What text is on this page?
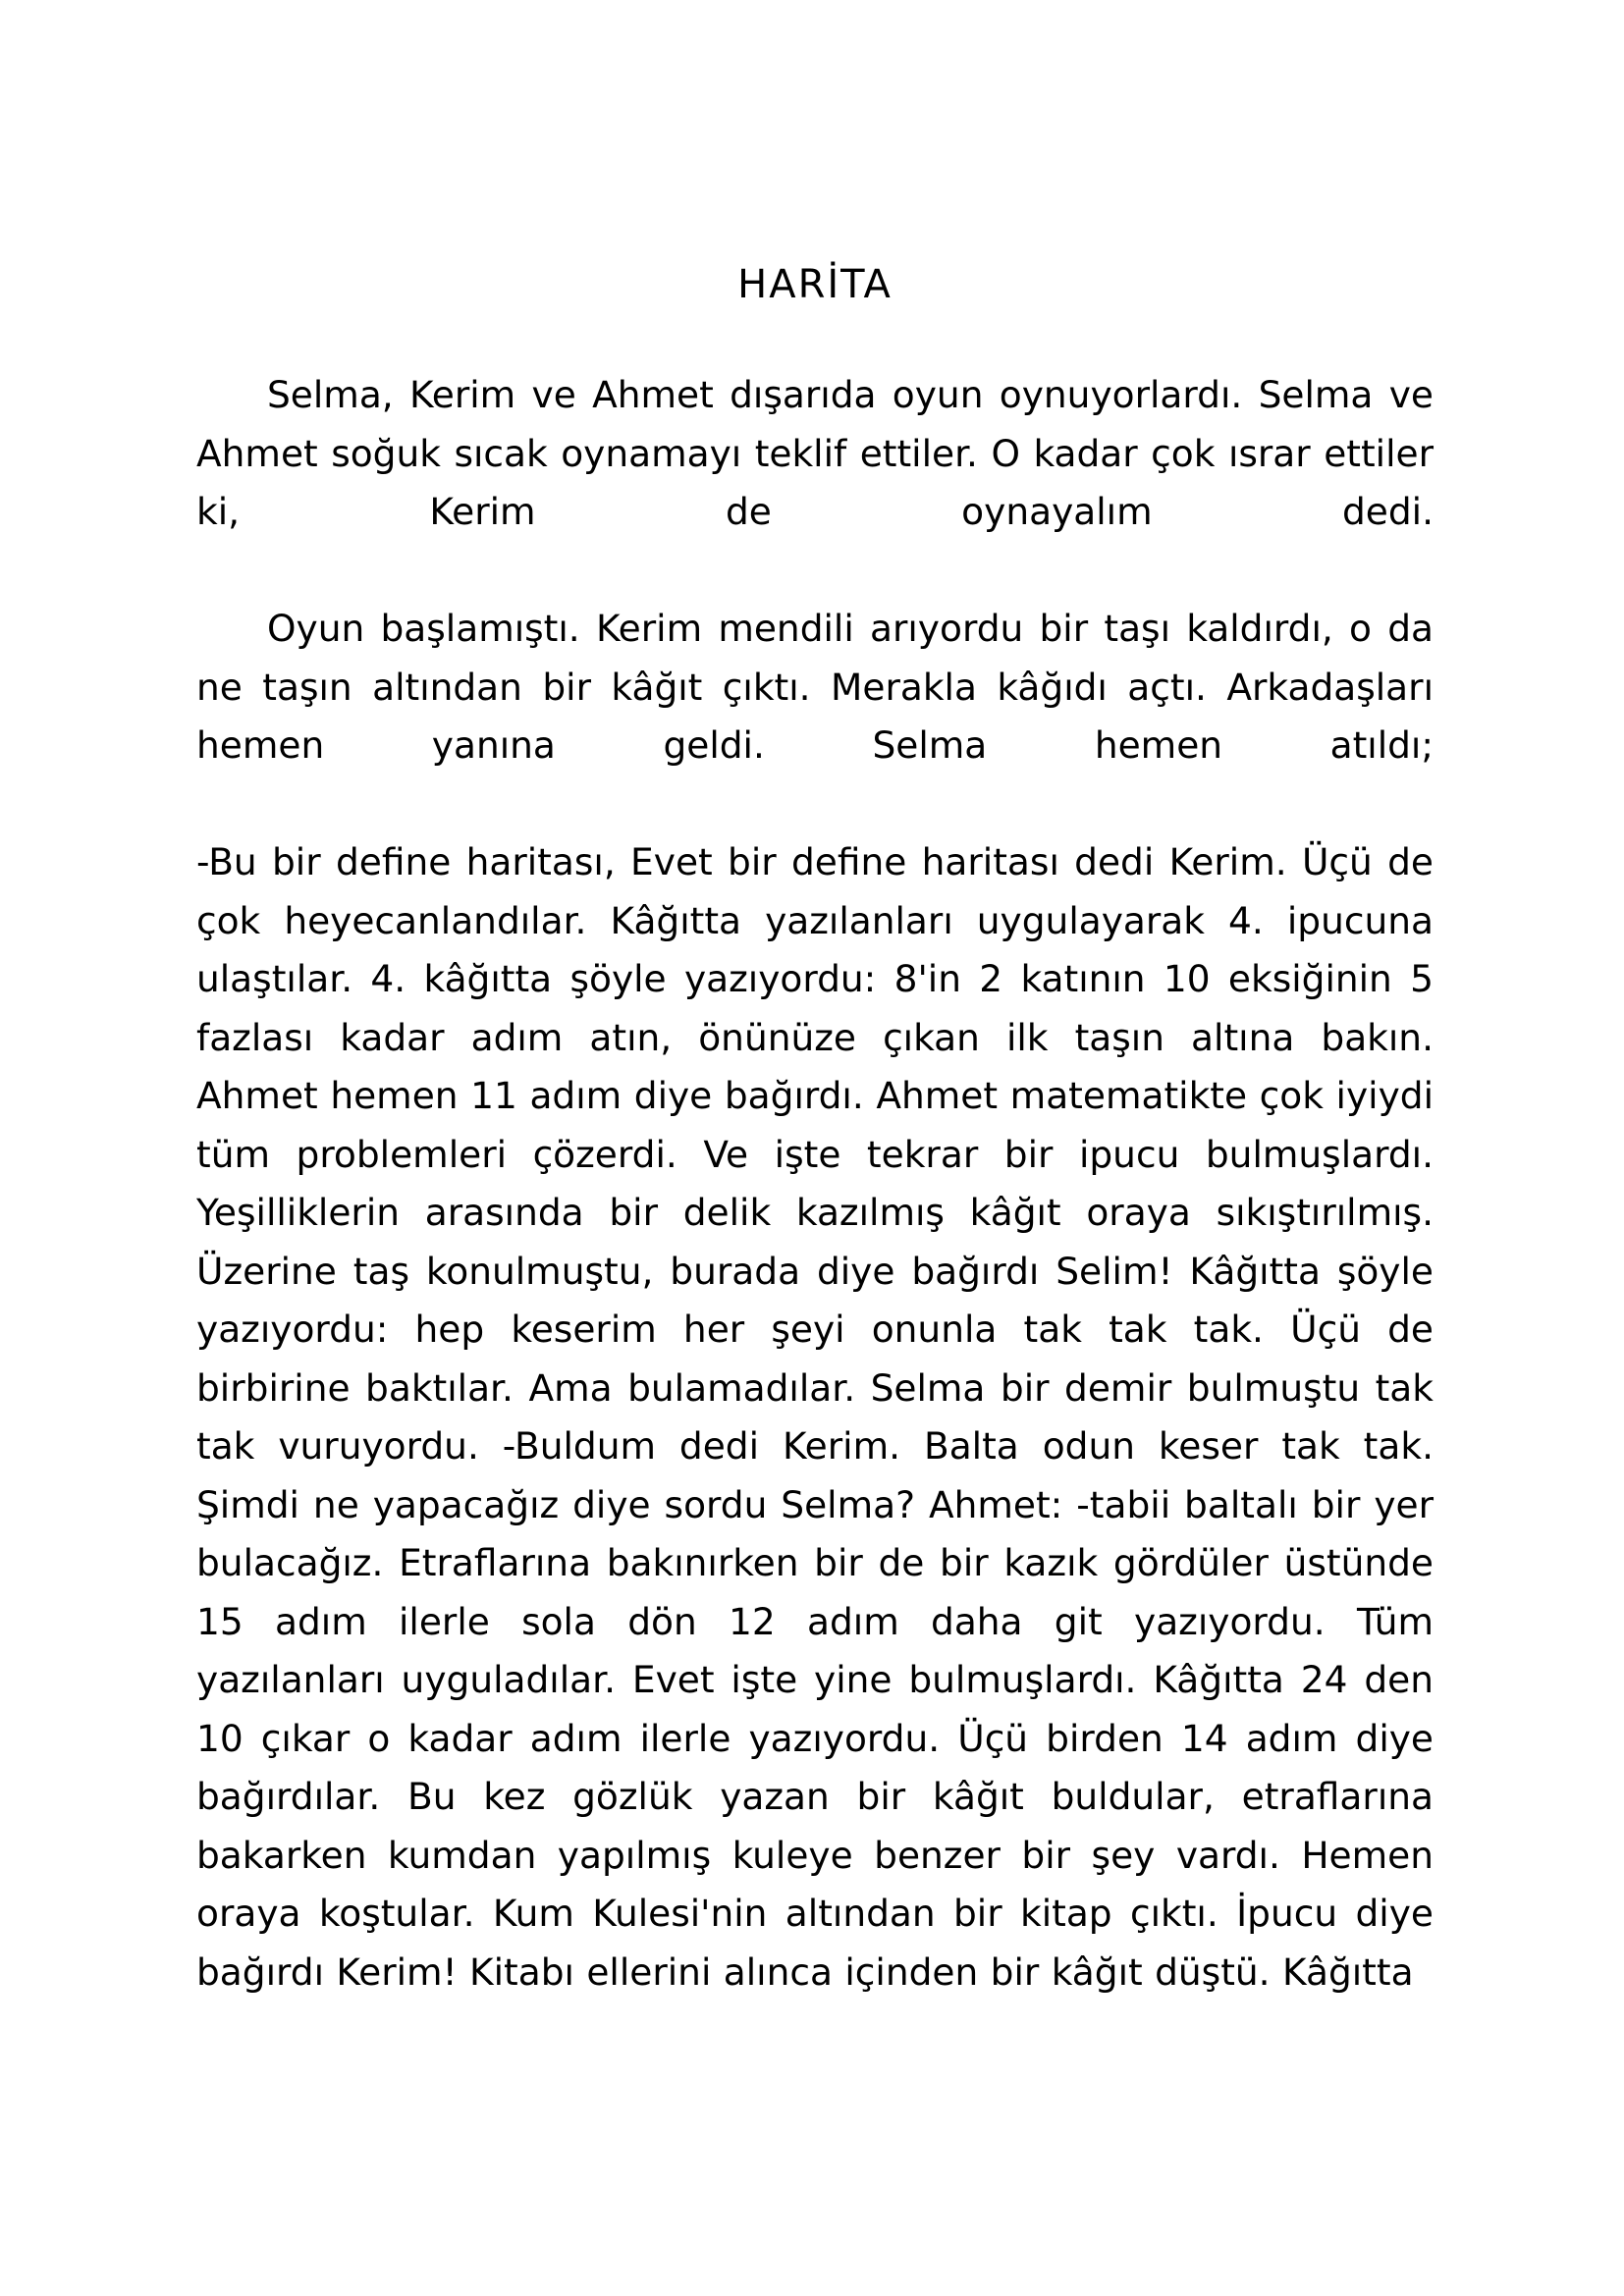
HARİTA

Selma, Kerim ve Ahmet dışarıda oyun oynuyorlardı. Selma ve Ahmet soğuk sıcak oynamayı teklif ettiler. O kadar çok ısrar ettiler ki, Kerim de oynayalım dedi.

Oyun başlamıştı. Kerim mendili arıyordu bir taşı kaldırdı, o da ne taşın altından bir kâğıt çıktı. Merakla kâğıdı açtı. Arkadaşları hemen yanına geldi. Selma hemen atıldı;

-Bu bir define haritası, Evet bir define haritası dedi Kerim. Üçü de çok heyecanlandılar. Kâğıtta yazılanları uygulayarak 4. ipucuna ulaştılar. 4. kâğıtta şöyle yazıyordu: 8'in 2 katının 10 eksiğinin 5 fazlası kadar adım atın, önünüze çıkan ilk taşın altına bakın. Ahmet hemen 11 adım diye bağırdı. Ahmet matematikte çok iyiydi tüm problemleri çözerdi. Ve işte tekrar bir ipucu bulmuşlardı. Yeşilliklerin arasında bir delik kazılmış kâğıt oraya sıkıştırılmış. Üzerine taş konulmuştu, burada diye bağırdı Selim! Kâğıtta şöyle yazıyordu: hep keserim her şeyi onunla tak tak tak. Üçü de birbirine baktılar. Ama bulamadılar. Selma bir demir bulmuştu tak tak vuruyordu. -Buldum dedi Kerim. Balta odun keser tak tak. Şimdi ne yapacağız diye sordu Selma? Ahmet: -tabii baltalı bir yer bulacağız. Etraflarına bakınırken bir de bir kazık gördüler üstünde 15 adım ilerle sola dön 12 adım daha git yazıyordu. Tüm yazılanları uyguladılar. Evet işte yine bulmuşlardı. Kâğıtta 24 den 10 çıkar o kadar adım ilerle yazıyordu. Üçü birden 14 adım diye bağırdılar. Bu kez gözlük yazan bir kâğıt buldular, etraflarına bakarken kumdan yapılmış kuleye benzer bir şey vardı. Hemen oraya koştular. Kum Kulesi'nin altından bir kitap çıktı. İpucu diye bağırdı Kerim! Kitabı ellerini alınca içinden bir kâğıt düştü. Kâğıtta
